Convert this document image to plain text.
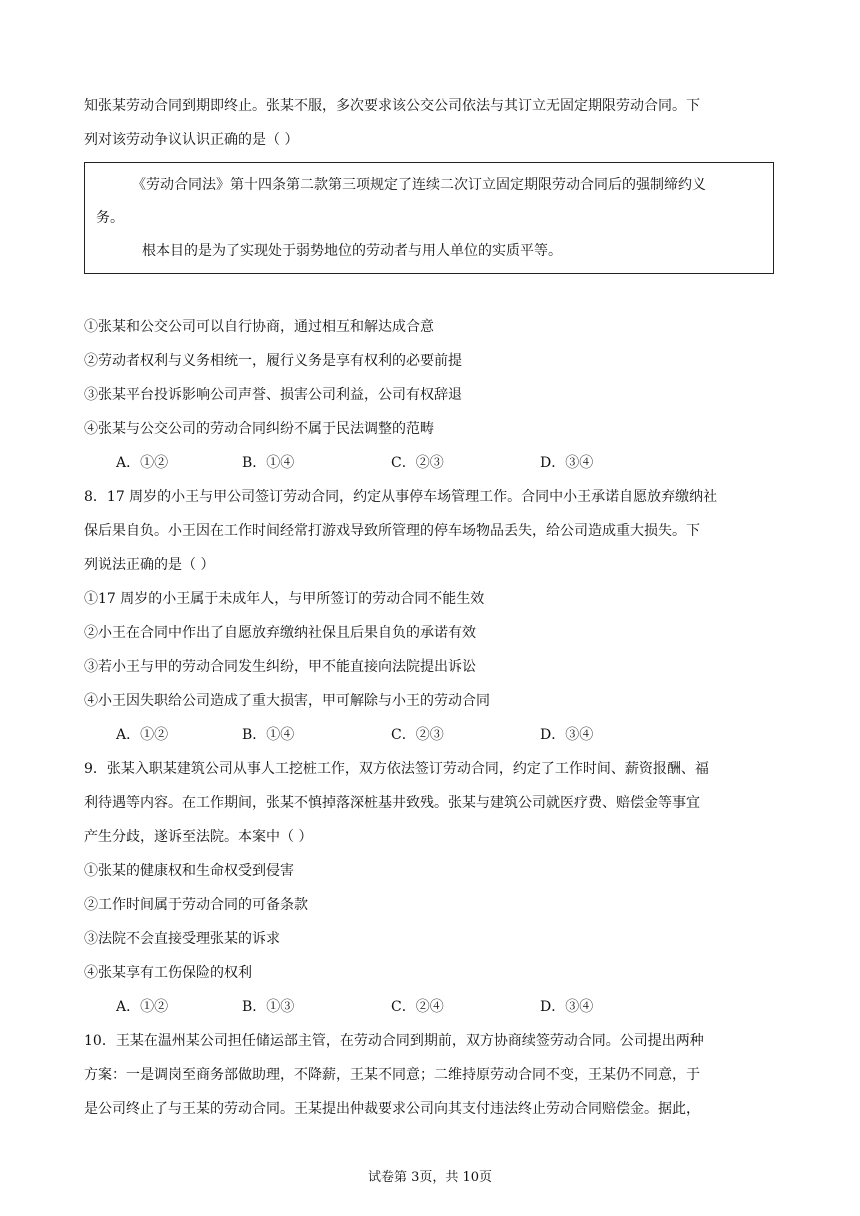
知张某劳动合同到期即终止。张某不服，多次要求该公交公司依法与其订立无固定期限劳动合同。下
列对该劳动争议认识正确的是（ ）
《劳动合同法》第十四条第二款第三项规定了连续二次订立固定期限劳动合同后的强制缔约义
务。
根本目的是为了实现处于弱势地位的劳动者与用人单位的实质平等。
①张某和公交公司可以自行协商，通过相互和解达成合意
②劳动者权利与义务相统一，履行义务是享有权利的必要前提
③张某平台投诉影响公司声誉、损害公司利益，公司有权辞退
④张某与公交公司的劳动合同纠纷不属于民法调整的范畴
A．①②	B．①④	C．②③	D．③④
8．17 周岁的小王与甲公司签订劳动合同，约定从事停车场管理工作。合同中小王承诺自愿放弃缴纳社
保后果自负。小王因在工作时间经常打游戏导致所管理的停车场物品丢失，给公司造成重大损失。下
列说法正确的是（ ）
①17 周岁的小王属于未成年人，与甲所签订的劳动合同不能生效
②小王在合同中作出了自愿放弃缴纳社保且后果自负的承诺有效
③若小王与甲的劳动合同发生纠纷，甲不能直接向法院提出诉讼
④小王因失职给公司造成了重大损害，甲可解除与小王的劳动合同
A．①②	B．①④	C．②③	D．③④
9．张某入职某建筑公司从事人工挖桩工作，双方依法签订劳动合同，约定了工作时间、薪资报酬、福
利待遇等内容。在工作期间，张某不慎掉落深桩基井致残。张某与建筑公司就医疗费、赔偿金等事宜
产生分歧，遂诉至法院。本案中（ ）
①张某的健康权和生命权受到侵害
②工作时间属于劳动合同的可备条款
③法院不会直接受理张某的诉求
④张某享有工伤保险的权利
A．①②	B．①③	C．②④	D．③④
10．王某在温州某公司担任储运部主管，在劳动合同到期前，双方协商续签劳动合同。公司提出两种
方案：一是调岗至商务部做助理，不降薪，王某不同意；二维持原劳动合同不变，王某仍不同意，于
是公司终止了与王某的劳动合同。王某提出仲裁要求公司向其支付违法终止劳动合同赔偿金。据此，
试卷第 3页，共 10页
